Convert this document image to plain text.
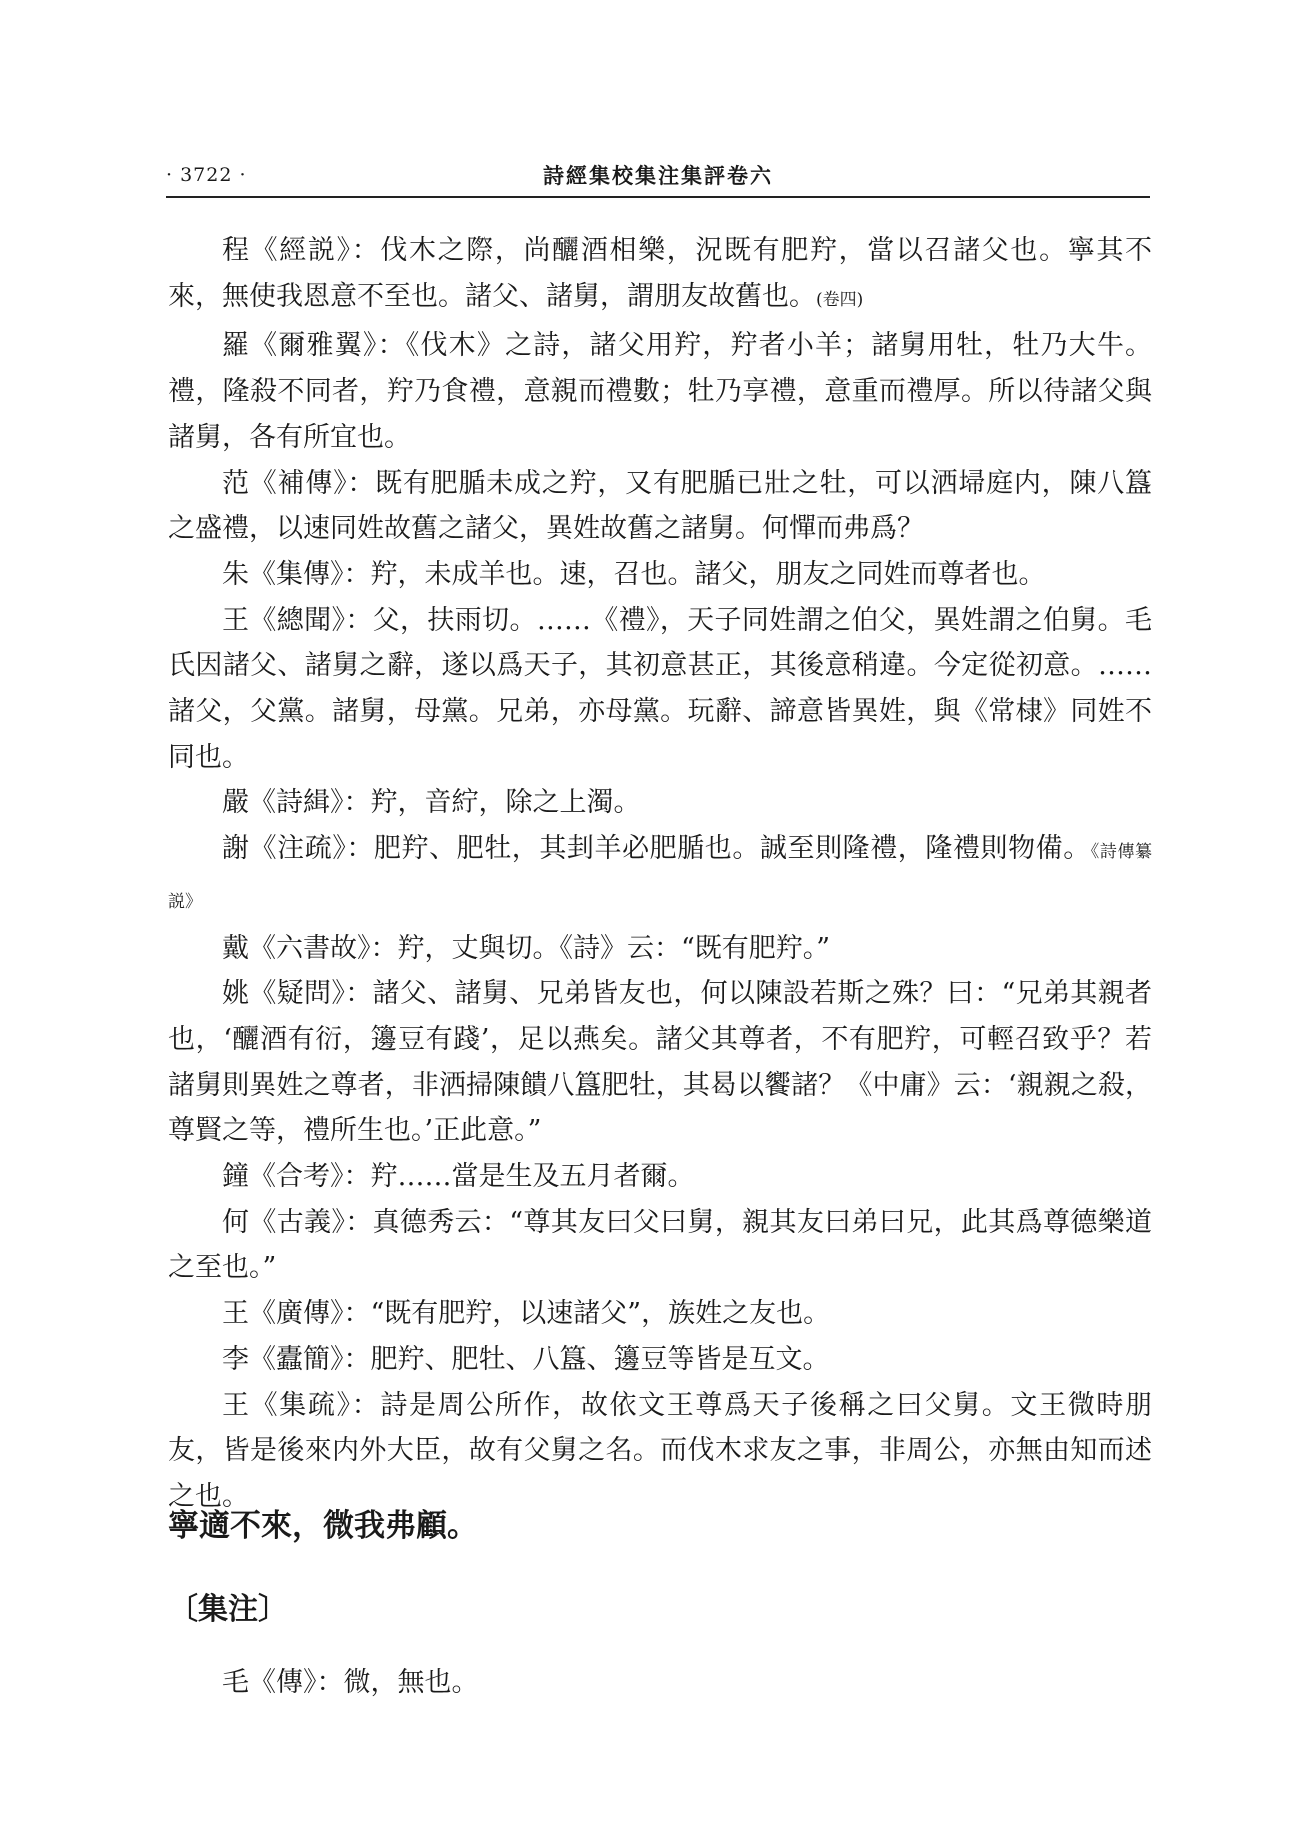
· 3722 ·	詩經集校集注集評卷六

程《經説》：伐木之際，尚釃酒相樂，況既有肥羜，當以召諸父也。寧其不來，無使我恩意不至也。諸父、諸舅，謂朋友故舊也。(卷四)

羅《爾雅翼》：《伐木》之詩，諸父用羜，羜者小羊；諸舅用牡，牡乃大牛。禮，隆殺不同者，羜乃食禮，意親而禮數；牡乃享禮，意重而禮厚。所以待諸父與諸舅，各有所宜也。

范《補傳》：既有肥腯未成之羜，又有肥腯已壯之牡，可以洒埽庭内，陳八簋之盛禮，以速同姓故舊之諸父，異姓故舊之諸舅。何憚而弗爲？

朱《集傳》：羜，未成羊也。速，召也。諸父，朋友之同姓而尊者也。

王《總聞》：父，扶雨切。……《禮》，天子同姓謂之伯父，異姓謂之伯舅。毛氏因諸父、諸舅之辭，遂以爲天子，其初意甚正，其後意稍違。今定從初意。……諸父，父黨。諸舅，母黨。兄弟，亦母黨。玩辭、諦意皆異姓，與《常棣》同姓不同也。

嚴《詩緝》：羜，音紵，除之上濁。

謝《注疏》：肥羜、肥牡，其刲羊必肥腯也。誠至則隆禮，隆禮則物備。《詩傳纂説》

戴《六書故》：羜，丈與切。《詩》云：“既有肥羜。”

姚《疑問》：諸父、諸舅、兄弟皆友也，何以陳設若斯之殊？曰：“兄弟其親者也，‘釃酒有衍，籩豆有踐’，足以燕矣。諸父其尊者，不有肥羜，可輕召致乎？若諸舅則異姓之尊者，非洒掃陳饋八簋肥牡，其曷以饗諸？《中庸》云：‘親親之殺，尊賢之等，禮所生也。’正此意。”

鐘《合考》：羜……當是生及五月者爾。

何《古義》：真德秀云：“尊其友曰父曰舅，親其友曰弟曰兄，此其爲尊德樂道之至也。”

王《廣傳》：“既有肥羜，以速諸父”，族姓之友也。

李《蠹簡》：肥羜、肥牡、八簋、籩豆等皆是互文。

王《集疏》：詩是周公所作，故依文王尊爲天子後稱之曰父舅。文王微時朋友，皆是後來内外大臣，故有父舅之名。而伐木求友之事，非周公，亦無由知而述之也。

寧適不來，微我弗顧。
〔集注〕

毛《傳》：微，無也。
